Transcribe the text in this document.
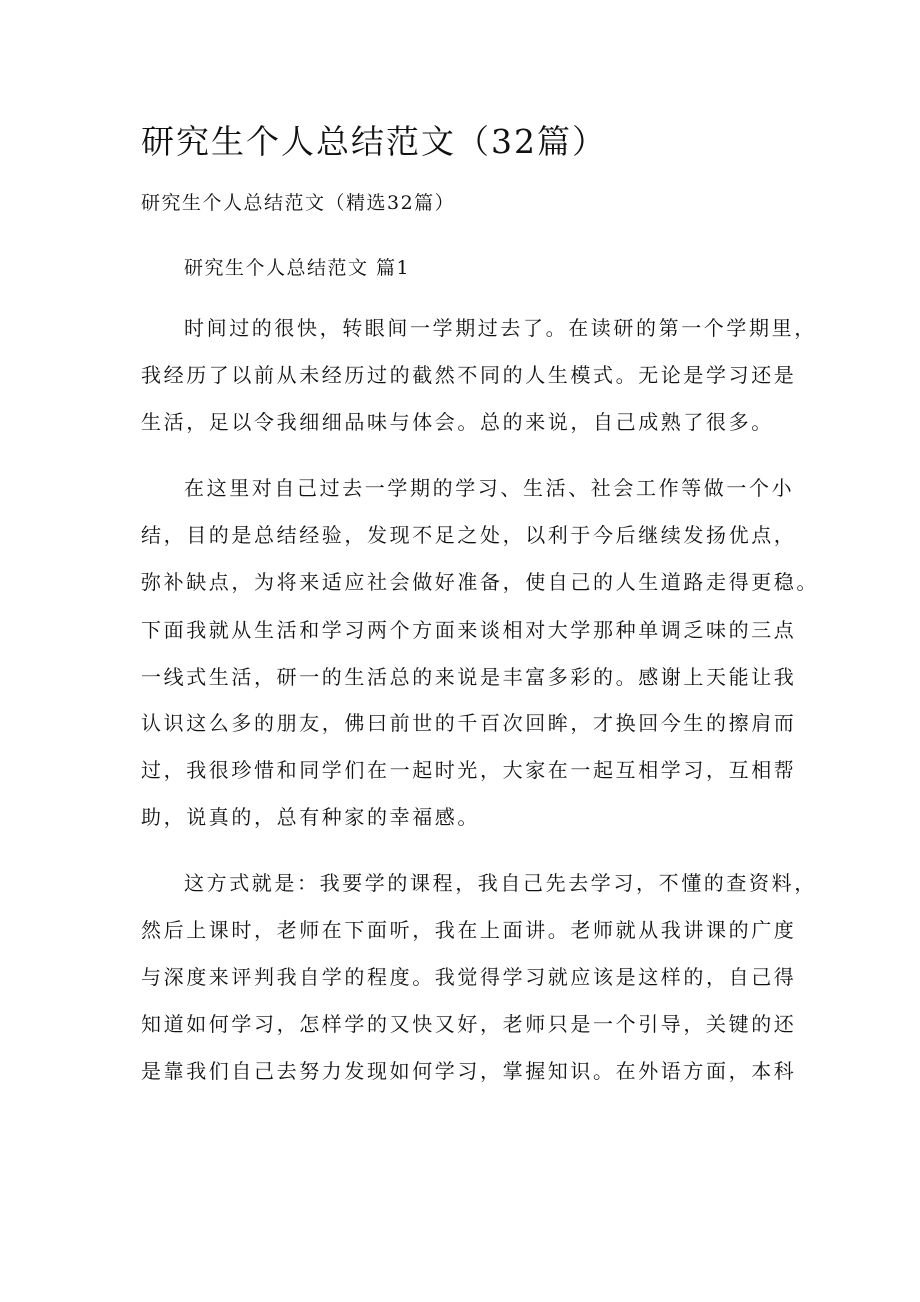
研究生个人总结范文（32篇）
研究生个人总结范文（精选32篇）
研究生个人总结范文 篇1
时间过的很快，转眼间一学期过去了。在读研的第一个学期里，
我经历了以前从未经历过的截然不同的人生模式。无论是学习还是
生活，足以令我细细品味与体会。总的来说，自己成熟了很多。
在这里对自己过去一学期的学习、生活、社会工作等做一个小
结，目的是总结经验，发现不足之处，以利于今后继续发扬优点，
弥补缺点，为将来适应社会做好准备，使自己的人生道路走得更稳。
下面我就从生活和学习两个方面来谈相对大学那种单调乏味的三点
一线式生活，研一的生活总的来说是丰富多彩的。感谢上天能让我
认识这么多的朋友，佛曰前世的千百次回眸，才换回今生的擦肩而
过，我很珍惜和同学们在一起时光，大家在一起互相学习，互相帮
助，说真的，总有种家的幸福感。
这方式就是：我要学的课程，我自己先去学习，不懂的查资料，
然后上课时，老师在下面听，我在上面讲。老师就从我讲课的广度
与深度来评判我自学的程度。我觉得学习就应该是这样的，自己得
知道如何学习，怎样学的又快又好，老师只是一个引导，关键的还
是靠我们自己去努力发现如何学习，掌握知识。在外语方面，本科
